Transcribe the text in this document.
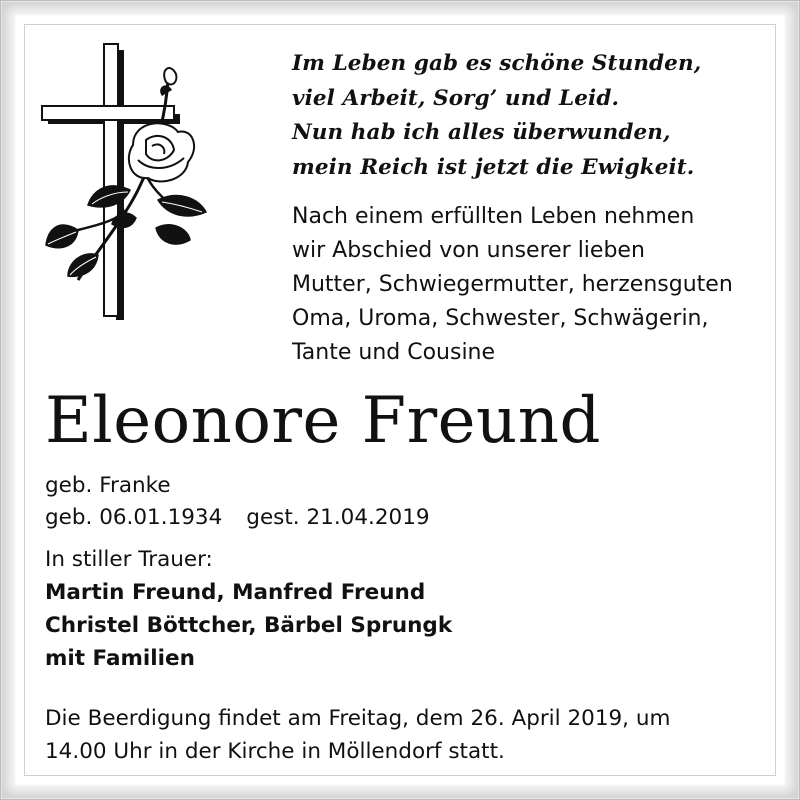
Im Leben gab es schöne Stunden,
viel Arbeit, Sorg’ und Leid.
Nun hab ich alles überwunden,
mein Reich ist jetzt die Ewigkeit.
Nach einem erfüllten Leben nehmen
wir Abschied von unserer lieben
Mutter, Schwiegermutter, herzensguten
Oma, Uroma, Schwester, Schwägerin,
Tante und Cousine
Eleonore Freund
geb. Franke
geb. 06.01.1934 gest. 21.04.2019
In stiller Trauer:
Martin Freund, Manfred Freund
Christel Böttcher, Bärbel Sprungk
mit Familien
Die Beerdigung findet am Freitag, dem 26. April 2019, um
14.00 Uhr in der Kirche in Möllendorf statt.
